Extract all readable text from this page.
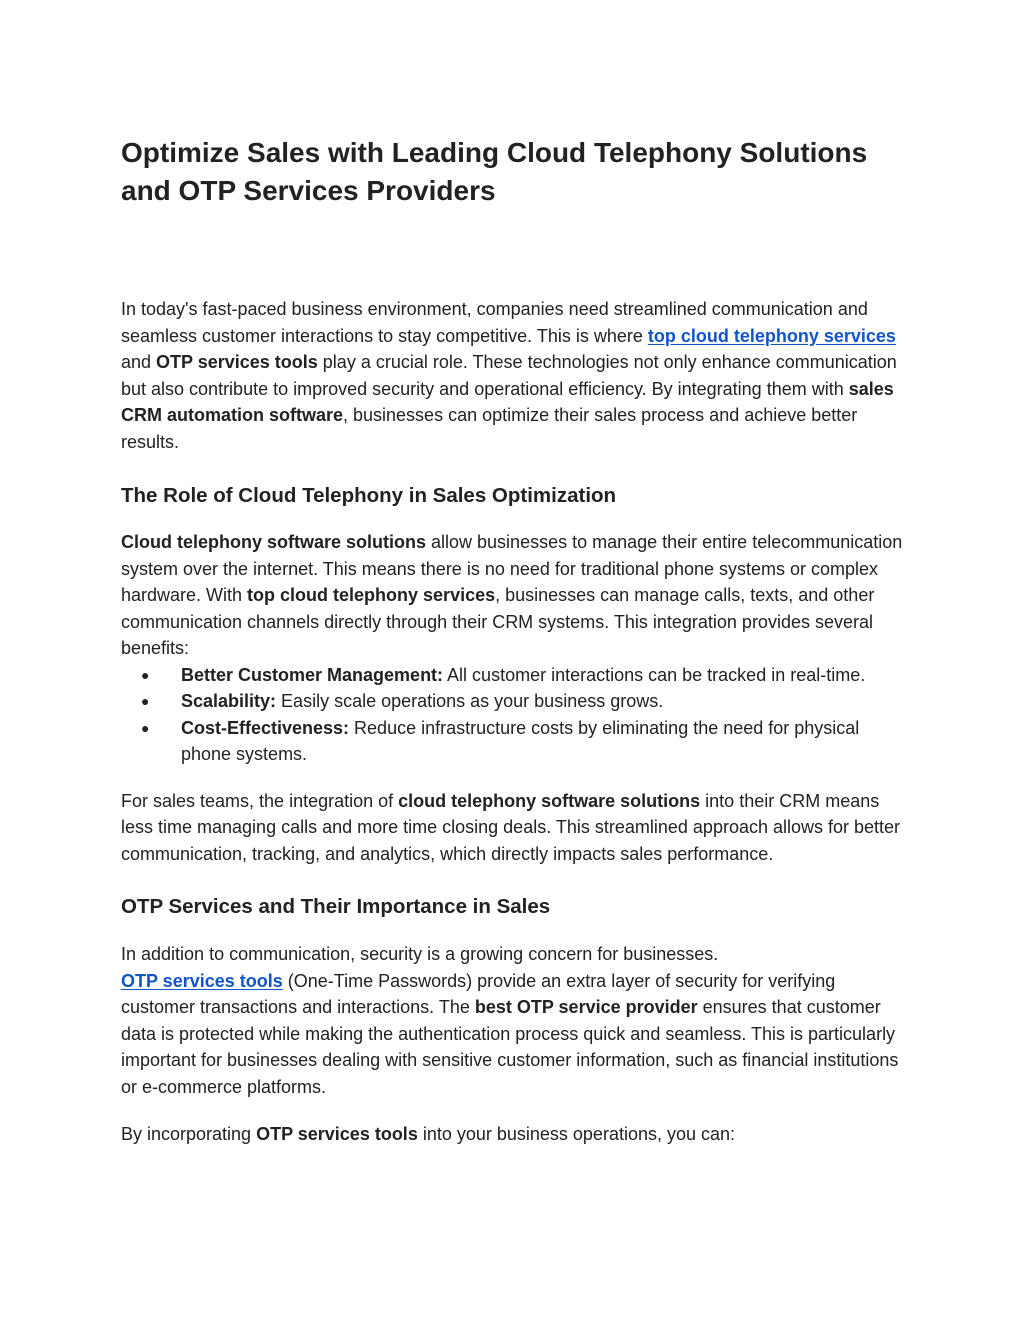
Optimize Sales with Leading Cloud Telephony Solutions and OTP Services Providers

In today's fast-paced business environment, companies need streamlined communication and seamless customer interactions to stay competitive. This is where top cloud telephony services and OTP services tools play a crucial role. These technologies not only enhance communication but also contribute to improved security and operational efficiency. By integrating them with sales CRM automation software, businesses can optimize their sales process and achieve better results.

The Role of Cloud Telephony in Sales Optimization

Cloud telephony software solutions allow businesses to manage their entire telecommunication system over the internet. This means there is no need for traditional phone systems or complex hardware. With top cloud telephony services, businesses can manage calls, texts, and other communication channels directly through their CRM systems. This integration provides several benefits:

● Better Customer Management: All customer interactions can be tracked in real-time.
● Scalability: Easily scale operations as your business grows.
● Cost-Effectiveness: Reduce infrastructure costs by eliminating the need for physical phone systems.

For sales teams, the integration of cloud telephony software solutions into their CRM means less time managing calls and more time closing deals. This streamlined approach allows for better communication, tracking, and analytics, which directly impacts sales performance.

OTP Services and Their Importance in Sales

In addition to communication, security is a growing concern for businesses.
OTP services tools (One-Time Passwords) provide an extra layer of security for verifying customer transactions and interactions. The best OTP service provider ensures that customer data is protected while making the authentication process quick and seamless. This is particularly important for businesses dealing with sensitive customer information, such as financial institutions or e-commerce platforms.

By incorporating OTP services tools into your business operations, you can:
